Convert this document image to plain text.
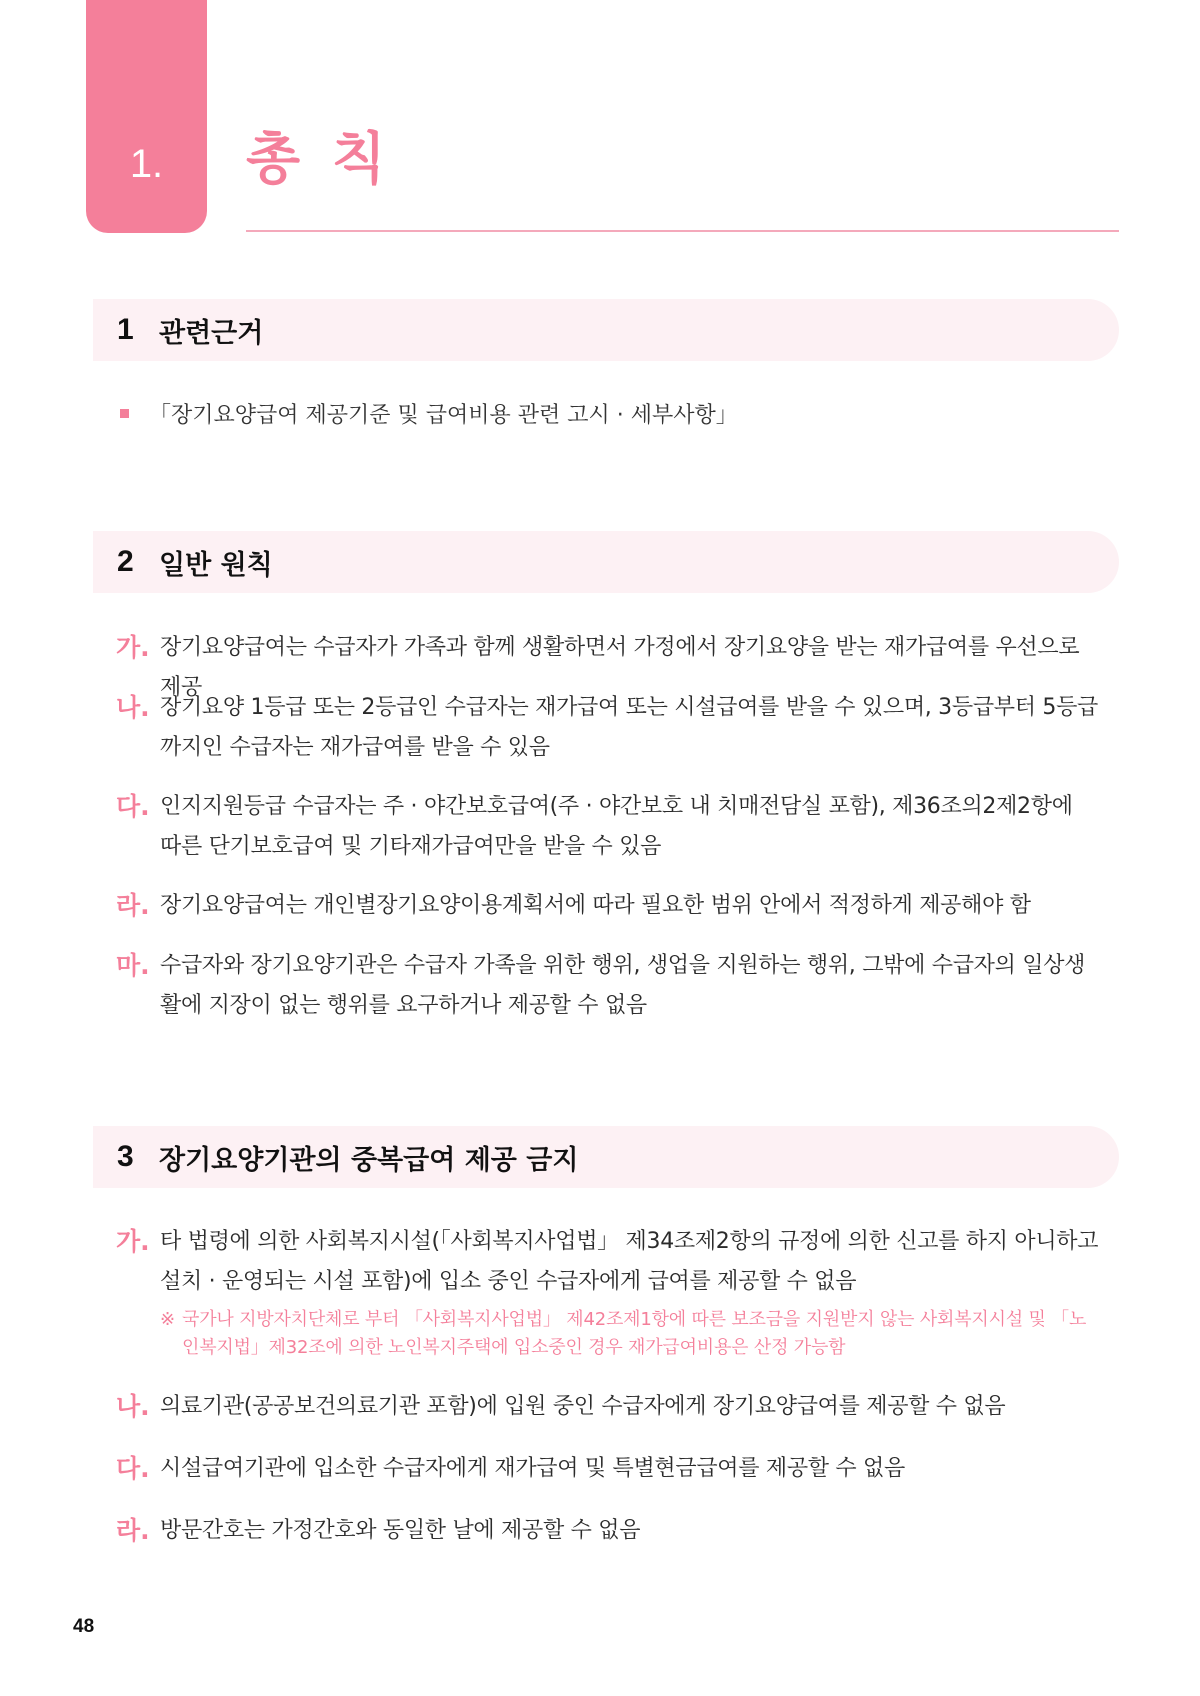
1.	총 칙
1 관련근거
「장기요양급여 제공기준 및 급여비용 관련 고시 · 세부사항」
2 일반 원칙
가. 장기요양급여는 수급자가 가족과 함께 생활하면서 가정에서 장기요양을 받는 재가급여를 우선으로 제공
나. 장기요양 1등급 또는 2등급인 수급자는 재가급여 또는 시설급여를 받을 수 있으며, 3등급부터 5등급까지인 수급자는 재가급여를 받을 수 있음
다. 인지지원등급 수급자는 주 · 야간보호급여(주 · 야간보호 내 치매전담실 포함), 제36조의2제2항에 따른 단기보호급여 및 기타재가급여만을 받을 수 있음
라. 장기요양급여는 개인별장기요양이용계획서에 따라 필요한 범위 안에서 적정하게 제공해야 함
마. 수급자와 장기요양기관은 수급자 가족을 위한 행위, 생업을 지원하는 행위, 그밖에 수급자의 일상생활에 지장이 없는 행위를 요구하거나 제공할 수 없음
3 장기요양기관의 중복급여 제공 금지
가. 타 법령에 의한 사회복지시설(「사회복지사업법」 제34조제2항의 규정에 의한 신고를 하지 아니하고 설치 · 운영되는 시설 포함)에 입소 중인 수급자에게 급여를 제공할 수 없음
※ 국가나 지방자치단체로 부터 「사회복지사업법」 제42조제1항에 따른 보조금을 지원받지 않는 사회복지시설 및 「노인복지법」제32조에 의한 노인복지주택에 입소중인 경우 재가급여비용은 산정 가능함
나. 의료기관(공공보건의료기관 포함)에 입원 중인 수급자에게 장기요양급여를 제공할 수 없음
다. 시설급여기관에 입소한 수급자에게 재가급여 및 특별현금급여를 제공할 수 없음
라. 방문간호는 가정간호와 동일한 날에 제공할 수 없음
48
